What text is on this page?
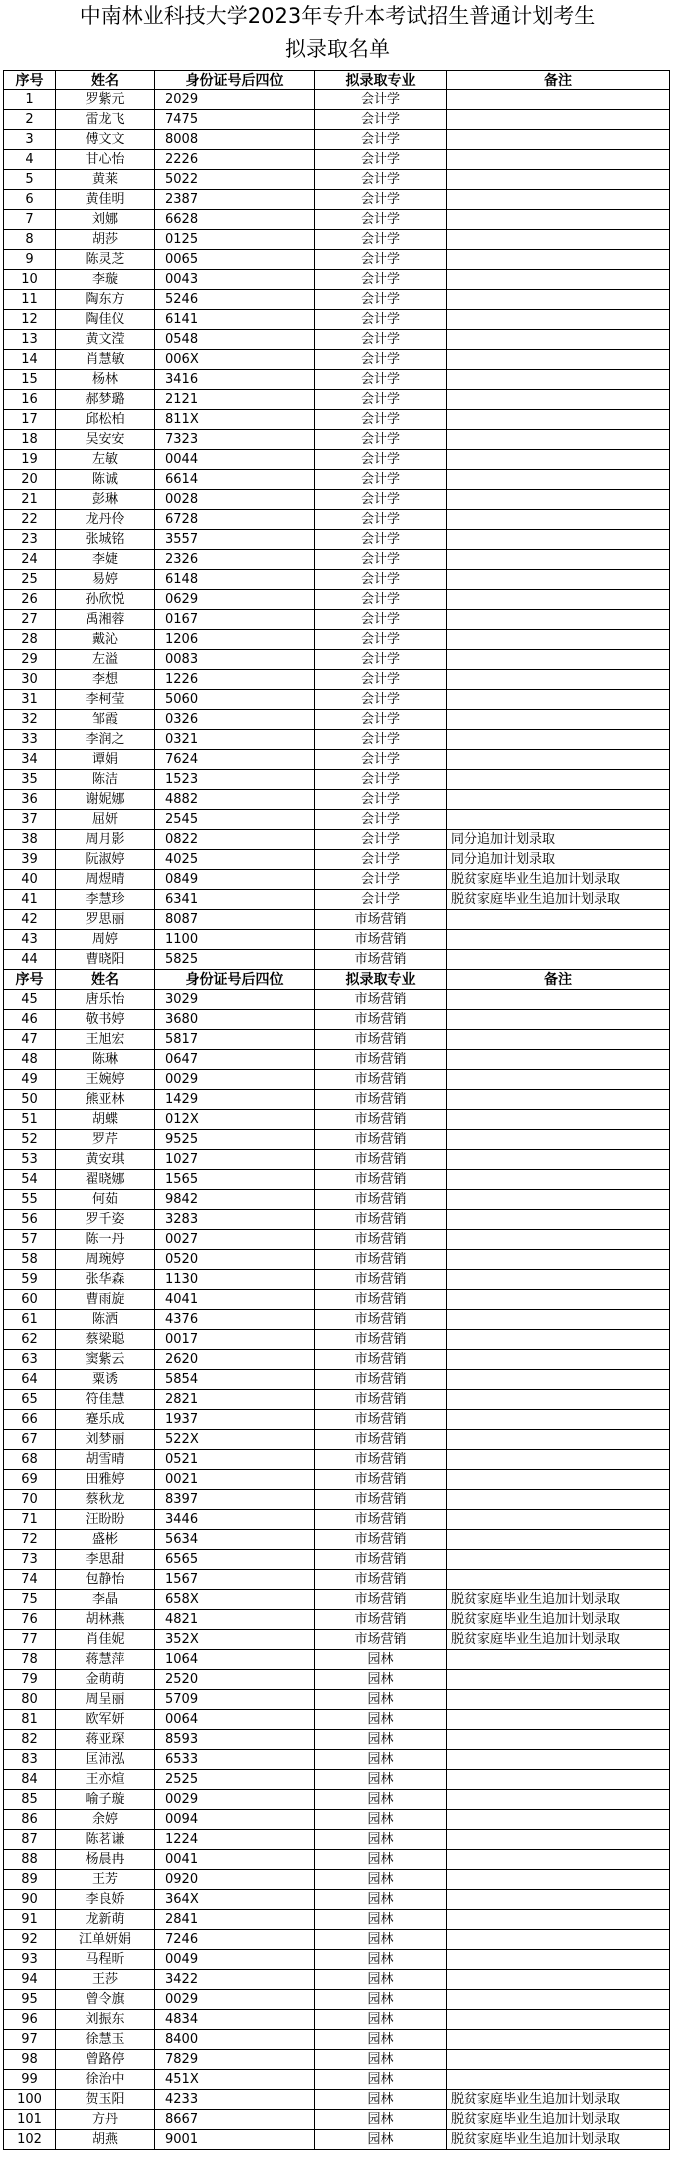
中南林业科技大学2023年专升本考试招生普通计划考生
拟录取名单
序号	姓名	身份证号后四位	拟录取专业	备注
1	罗紫元	2029	会计学
2	雷龙飞	7475	会计学
3	傅文文	8008	会计学
4	甘心怡	2226	会计学
5	黄莱	5022	会计学
6	黄佳明	2387	会计学
7	刘娜	6628	会计学
8	胡莎	0125	会计学
9	陈灵芝	0065	会计学
10	李璇	0043	会计学
11	陶东方	5246	会计学
12	陶佳仪	6141	会计学
13	黄文滢	0548	会计学
14	肖慧敏	006X	会计学
15	杨林	3416	会计学
16	郝梦璐	2121	会计学
17	邱松柏	811X	会计学
18	吴安安	7323	会计学
19	左敏	0044	会计学
20	陈诚	6614	会计学
21	彭琳	0028	会计学
22	龙丹伶	6728	会计学
23	张城铭	3557	会计学
24	李婕	2326	会计学
25	易婷	6148	会计学
26	孙欣悦	0629	会计学
27	禹湘蓉	0167	会计学
28	戴沁	1206	会计学
29	左溢	0083	会计学
30	李想	1226	会计学
31	李柯莹	5060	会计学
32	邹霞	0326	会计学
33	李润之	0321	会计学
34	谭娟	7624	会计学
35	陈洁	1523	会计学
36	谢妮娜	4882	会计学
37	屈妍	2545	会计学
38	周月影	0822	会计学	同分追加计划录取
39	阮淑婷	4025	会计学	同分追加计划录取
40	周煜晴	0849	会计学	脱贫家庭毕业生追加计划录取
41	李慧珍	6341	会计学	脱贫家庭毕业生追加计划录取
42	罗思丽	8087	市场营销
43	周婷	1100	市场营销
44	曹晓阳	5825	市场营销
序号	姓名	身份证号后四位	拟录取专业	备注
45	唐乐怡	3029	市场营销
46	敬书婷	3680	市场营销
47	王旭宏	5817	市场营销
48	陈琳	0647	市场营销
49	王婉婷	0029	市场营销
50	熊亚林	1429	市场营销
51	胡蝶	012X	市场营销
52	罗芹	9525	市场营销
53	黄安琪	1027	市场营销
54	翟晓娜	1565	市场营销
55	何茹	9842	市场营销
56	罗千姿	3283	市场营销
57	陈一丹	0027	市场营销
58	周琬婷	0520	市场营销
59	张华森	1130	市场营销
60	曹雨旋	4041	市场营销
61	陈洒	4376	市场营销
62	蔡梁聪	0017	市场营销
63	窦紫云	2620	市场营销
64	粟诱	5854	市场营销
65	符佳慧	2821	市场营销
66	蹇乐成	1937	市场营销
67	刘梦丽	522X	市场营销
68	胡雪晴	0521	市场营销
69	田雅婷	0021	市场营销
70	蔡秋龙	8397	市场营销
71	汪盼盼	3446	市场营销
72	盛彬	5634	市场营销
73	李思甜	6565	市场营销
74	包静怡	1567	市场营销
75	李晶	658X	市场营销	脱贫家庭毕业生追加计划录取
76	胡林燕	4821	市场营销	脱贫家庭毕业生追加计划录取
77	肖佳妮	352X	市场营销	脱贫家庭毕业生追加计划录取
78	蒋慧萍	1064	园林
79	金萌萌	2520	园林
80	周呈丽	5709	园林
81	欧军妍	0064	园林
82	蒋亚琛	8593	园林
83	匡沛泓	6533	园林
84	王亦煊	2525	园林
85	喻子璇	0029	园林
86	余婷	0094	园林
87	陈茗谦	1224	园林
88	杨晨冉	0041	园林
89	王芳	0920	园林
90	李良娇	364X	园林
91	龙新萌	2841	园林
92	江单妍娟	7246	园林
93	马程昕	0049	园林
94	王莎	3422	园林
95	曾令旗	0029	园林
96	刘振东	4834	园林
97	徐慧玉	8400	园林
98	曾路停	7829	园林
99	徐治中	451X	园林
100	贺玉阳	4233	园林	脱贫家庭毕业生追加计划录取
101	方丹	8667	园林	脱贫家庭毕业生追加计划录取
102	胡燕	9001	园林	脱贫家庭毕业生追加计划录取
